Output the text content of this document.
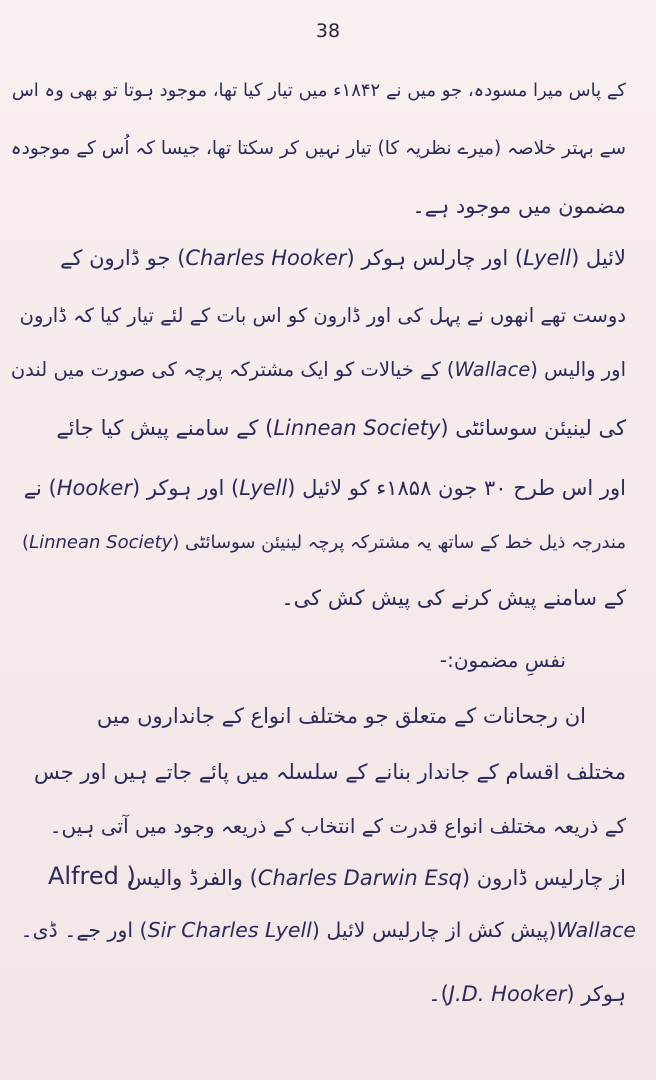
38
کے پاس میرا مسودہ، جو میں نے ۱۸۴۲ء میں تیار کیا تھا، موجود ہوتا تو بھی وہ اس
سے بہتر خلاصہ (میرے نظریہ کا) تیار نہیں کر سکتا تھا، جیسا کہ اُس کے موجودہ
مضمون میں موجود ہے۔
لائیل (Lyell) اور چارلس ہوکر (Charles Hooker) جو ڈارون کے
دوست تھے انھوں نے پہل کی اور ڈارون کو اس بات کے لئے تیار کیا کہ ڈارون
اور والیس (Wallace) کے خیالات کو ایک مشترکہ پرچہ کی صورت میں لندن
کی لینیئن سوسائٹی (Linnean Society) کے سامنے پیش کیا جائے
اور اس طرح ۳۰ جون ۱۸۵۸ء کو لائیل (Lyell) اور ہوکر (Hooker) نے
مندرجہ ذیل خط کے ساتھ یہ مشترکہ پرچہ لینیئن سوسائٹی (Linnean Society)
کے سامنے پیش کرنے کی پیش کش کی۔
نفسِ مضمون:-
ان رجحانات کے متعلق جو مختلف انواع کے جانداروں میں
مختلف اقسام کے جاندار بنانے کے سلسلہ میں پائے جاتے ہیں اور جس
کے ذریعہ مختلف انواع قدرت کے انتخاب کے ذریعہ وجود میں آتی ہیں۔
از چارلیس ڈارون (Charles Darwin Esq) والفرڈ والیس
Alfred )
Wallace(پیش کش از چارلیس لائیل (Sir Charles Lyell) اور جے۔ ڈی۔
ہوکر (J.D. Hooker)۔
